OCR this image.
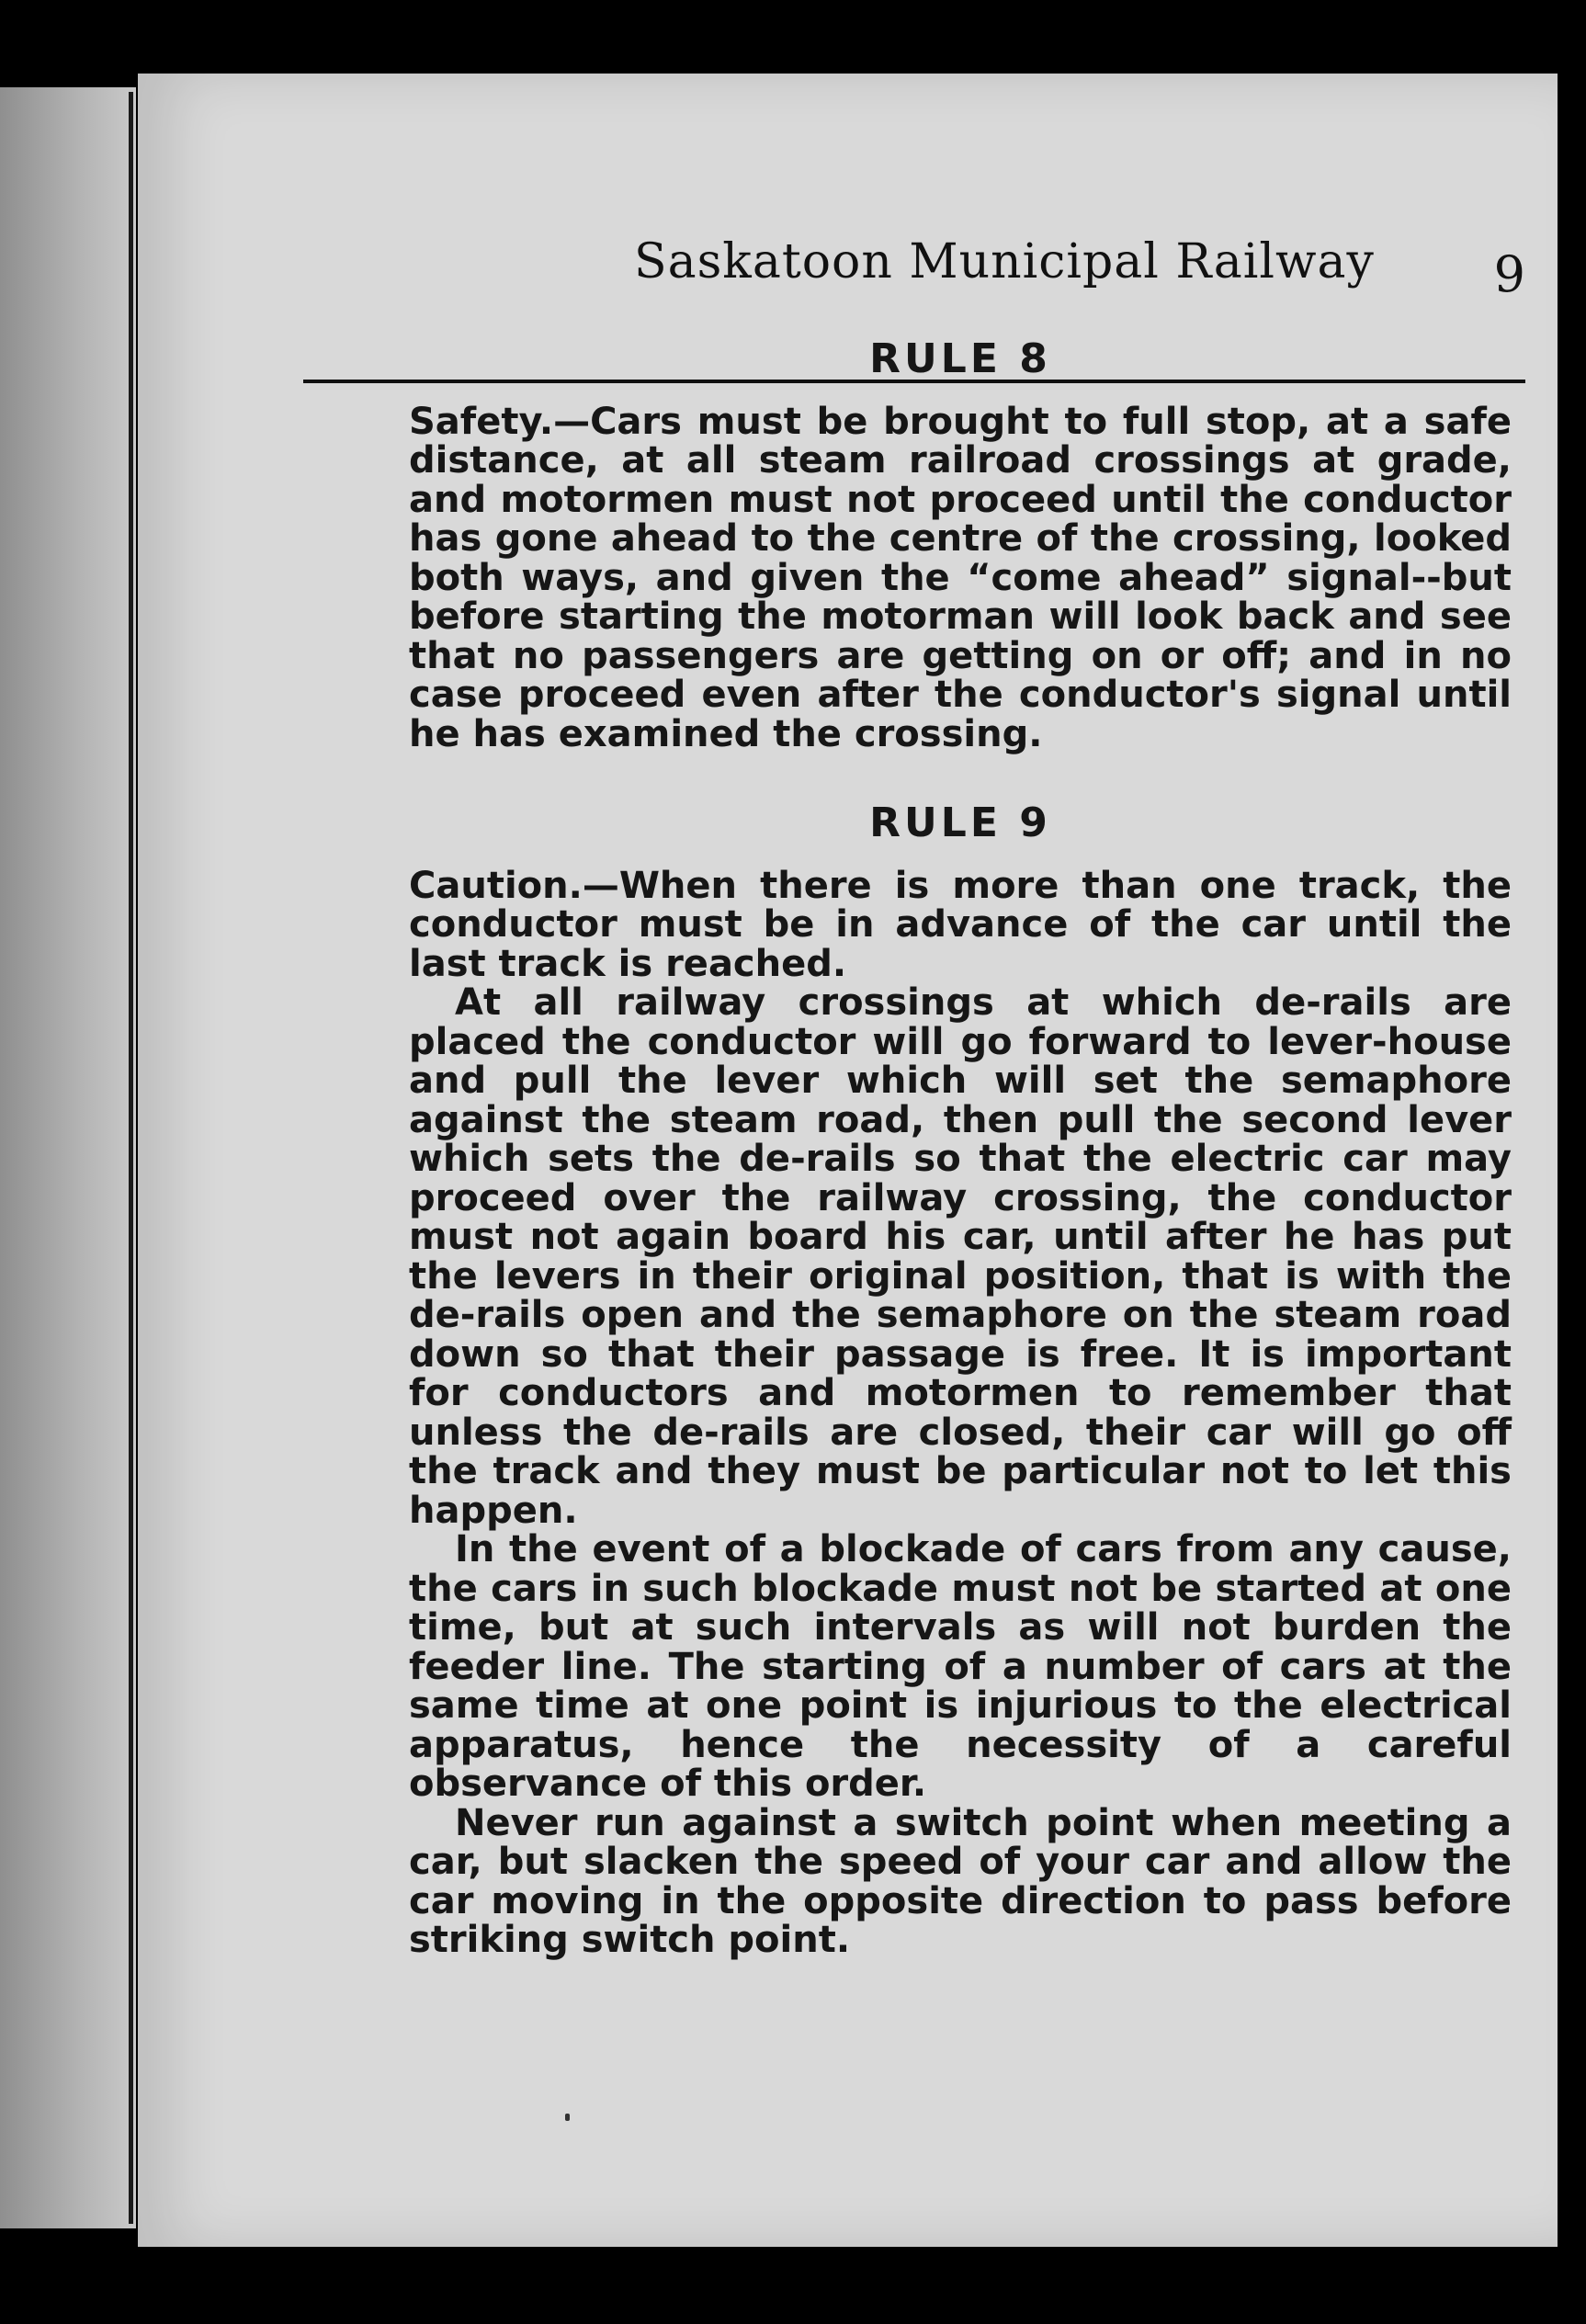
Saskatoon Municipal Railway 9
RULE 8

Safety.—Cars must be brought to full stop, at a safe distance, at all steam railroad crossings at grade, and motormen must not proceed until the conductor has gone ahead to the centre of the crossing, looked both ways, and given the “come ahead” signal--but before starting the motorman will look back and see that no passengers are getting on or off; and in no case proceed even after the conductor's signal until he has examined the crossing.

RULE 9

Caution.—When there is more than one track, the conductor must be in advance of the car until the last track is reached.

At all railway crossings at which de-rails are placed the conductor will go forward to lever-house and pull the lever which will set the semaphore against the steam road, then pull the second lever which sets the de-rails so that the electric car may proceed over the railway crossing, the conductor must not again board his car, until after he has put the levers in their original position, that is with the de-rails open and the semaphore on the steam road down so that their passage is free. It is important for conductors and motormen to remember that unless the de-rails are closed, their car will go off the track and they must be particular not to let this happen.

In the event of a blockade of cars from any cause, the cars in such blockade must not be started at one time, but at such intervals as will not burden the feeder line. The starting of a number of cars at the same time at one point is injurious to the electrical apparatus, hence the necessity of a careful observance of this order.

Never run against a switch point when meeting a car, but slacken the speed of your car and allow the car moving in the opposite direction to pass before striking switch point.
